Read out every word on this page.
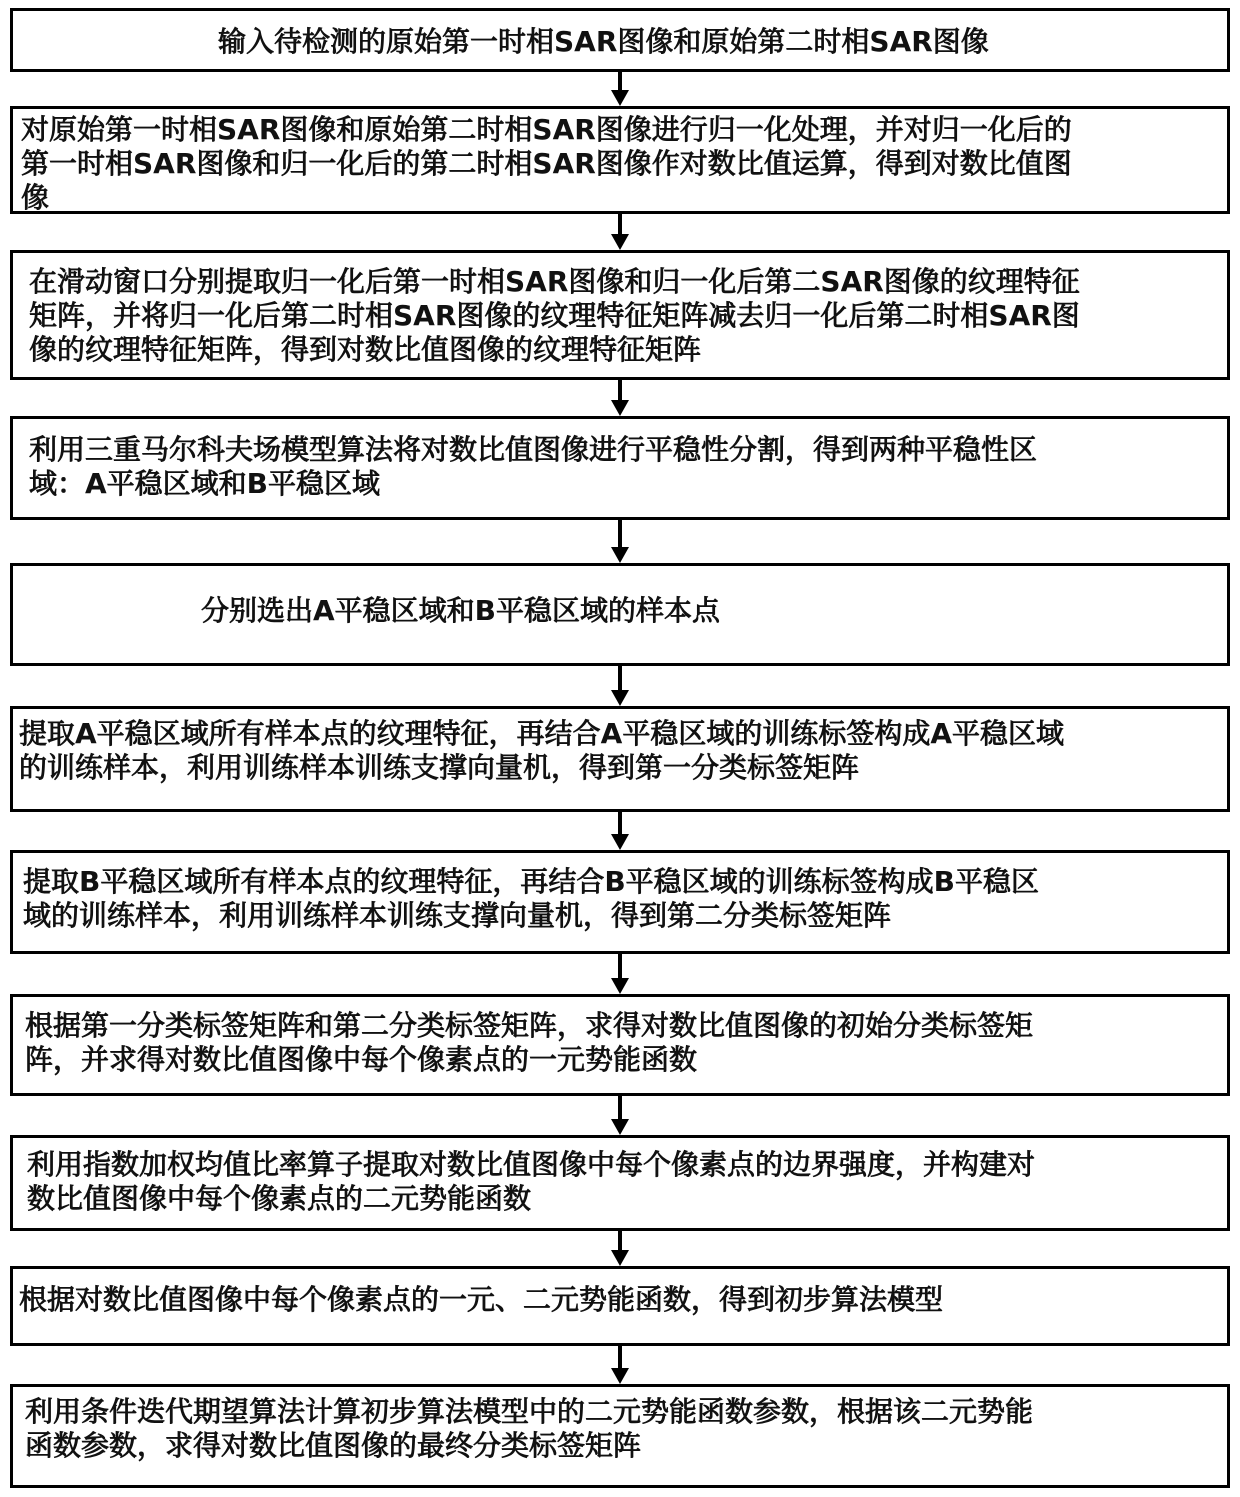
输入待检测的原始第一时相SAR图像和原始第二时相SAR图像
对原始第一时相SAR图像和原始第二时相SAR图像进行归一化处理，并对归一化后的
第一时相SAR图像和归一化后的第二时相SAR图像作对数比值运算，得到对数比值图
像
在滑动窗口分别提取归一化后第一时相SAR图像和归一化后第二SAR图像的纹理特征
矩阵，并将归一化后第二时相SAR图像的纹理特征矩阵减去归一化后第二时相SAR图
像的纹理特征矩阵，得到对数比值图像的纹理特征矩阵
利用三重马尔科夫场模型算法将对数比值图像进行平稳性分割，得到两种平稳性区
域：A平稳区域和B平稳区域
分别选出A平稳区域和B平稳区域的样本点
提取A平稳区域所有样本点的纹理特征，再结合A平稳区域的训练标签构成A平稳区域
的训练样本，利用训练样本训练支撑向量机，得到第一分类标签矩阵
提取B平稳区域所有样本点的纹理特征，再结合B平稳区域的训练标签构成B平稳区
域的训练样本，利用训练样本训练支撑向量机，得到第二分类标签矩阵
根据第一分类标签矩阵和第二分类标签矩阵，求得对数比值图像的初始分类标签矩
阵，并求得对数比值图像中每个像素点的一元势能函数
利用指数加权均值比率算子提取对数比值图像中每个像素点的边界强度，并构建对
数比值图像中每个像素点的二元势能函数
根据对数比值图像中每个像素点的一元、二元势能函数，得到初步算法模型
利用条件迭代期望算法计算初步算法模型中的二元势能函数参数，根据该二元势能
函数参数，求得对数比值图像的最终分类标签矩阵
